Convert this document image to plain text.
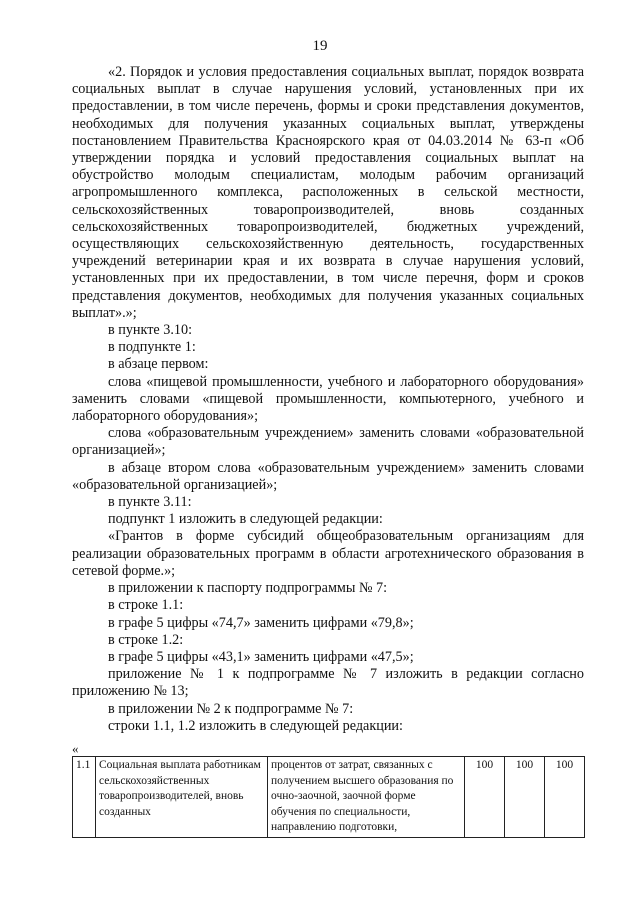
19

«2. Порядок и условия предоставления социальных выплат, порядок возврата социальных выплат в случае нарушения условий, установленных при их предоставлении, в том числе перечень, формы и сроки представления документов, необходимых для получения указанных социальных выплат, утверждены постановлением Правительства Красноярского края от 04.03.2014 № 63-п «Об утверждении порядка и условий предоставления социальных выплат на обустройство молодым специалистам, молодым рабочим организаций агропромышленного комплекса, расположенных в сельской местности, сельскохозяйственных товаропроизводителей, вновь созданных сельскохозяйственных товаропроизводителей, бюджетных учреждений, осуществляющих сельскохозяйственную деятельность, государственных учреждений ветеринарии края и их возврата в случае нарушения условий, установленных при их предоставлении, в том числе перечня, форм и сроков представления документов, необходимых для получения указанных социальных выплат».»;

в пункте 3.10:

в подпункте 1:

в абзаце первом:

слова «пищевой промышленности, учебного и лабораторного оборудования» заменить словами «пищевой промышленности, компьютерного, учебного и лабораторного оборудования»;

слова «образовательным учреждением» заменить словами «образовательной организацией»;

в абзаце втором слова «образовательным учреждением» заменить словами «образовательной организацией»;

в пункте 3.11:

подпункт 1 изложить в следующей редакции:

«Грантов в форме субсидий общеобразовательным организациям для реализации образовательных программ в области агротехнического образования в сетевой форме.»;

в приложении к паспорту подпрограммы № 7:

в строке 1.1:

в графе 5 цифры «74,7» заменить цифрами «79,8»;

в строке 1.2:

в графе 5 цифры «43,1» заменить цифрами «47,5»;

приложение № 1 к подпрограмме № 7 изложить в редакции согласно приложению № 13;

в приложении № 2 к подпрограмме № 7:

строки 1.1, 1.2 изложить в следующей редакции:

«
1.1	Социальная выплата работникам сельскохозяйственных товаропроизводителей, вновь созданных	процентов от затрат, связанных с получением высшего образования по очно-заочной, заочной форме обучения по специальности, направлению подготовки,	100	100	100
